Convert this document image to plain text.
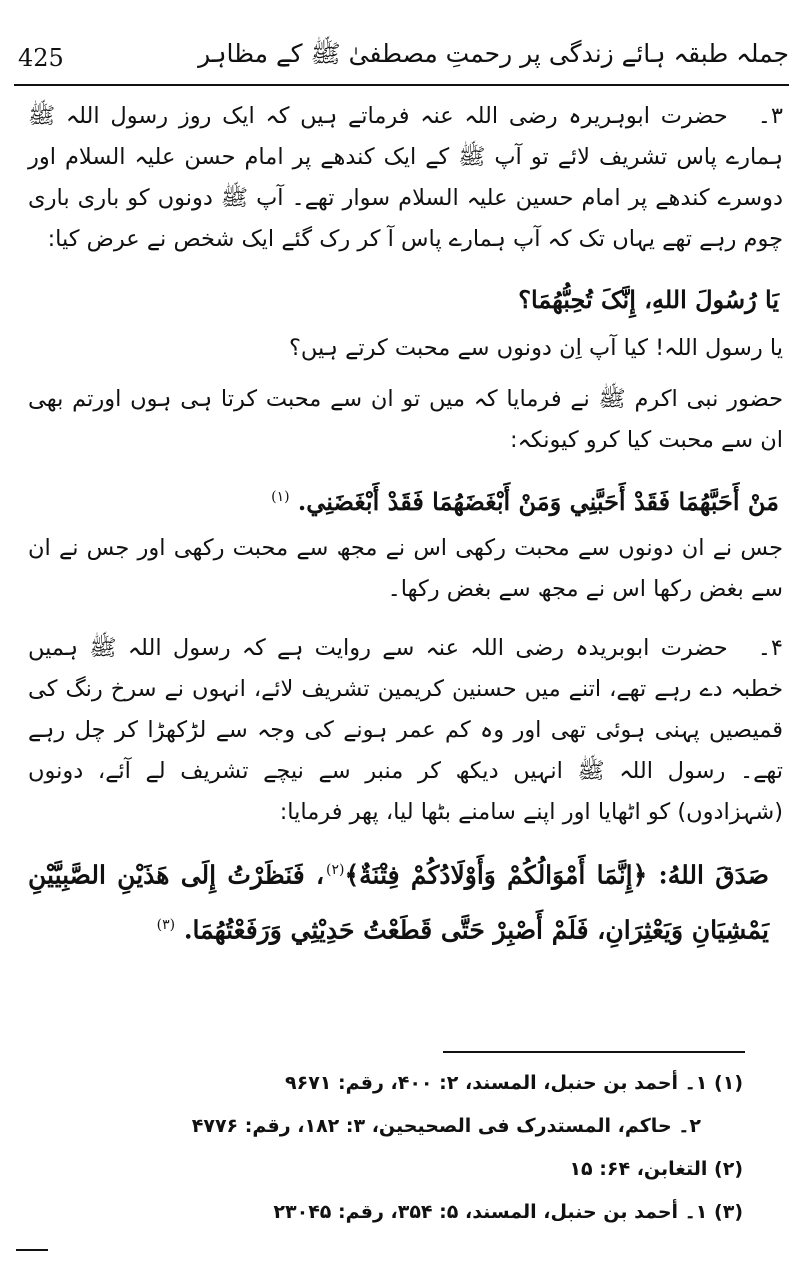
425	جملہ طبقہ ہائے زندگی پر رحمتِ مصطفیٰ ﷺ کے مظاہر

۳۔حضرت ابوہریرہ رضی اللہ عنہ فرماتے ہیں کہ ایک روز رسول اللہ ﷺ ہمارے پاس تشریف لائے تو آپ ﷺ کے ایک کندھے پر امام حسن علیہ السلام اور دوسرے کندھے پر امام حسین علیہ السلام سوار تھے۔ آپ ﷺ دونوں کو باری باری چوم رہے تھے یہاں تک کہ آپ ہمارے پاس آ کر رک گئے ایک شخص نے عرض کیا:

يَا رُسُولَ اللهِ، إِنَّکَ تُحِبُّهُمَا؟

یا رسول اللہ! کیا آپ اِن دونوں سے محبت کرتے ہیں؟

حضور نبی اکرم ﷺ نے فرمایا کہ میں تو ان سے محبت کرتا ہی ہوں اورتم بھی ان سے محبت کیا کرو کیونکہ:

مَنْ أَحَبَّهُمَا فَقَدْ أَحَبَّنِي وَمَنْ أَبْغَضَهُمَا فَقَدْ أَبْغَضَنِي. $^{(۱)}$

جس نے ان دونوں سے محبت رکھی اس نے مجھ سے محبت رکھی اور جس نے ان سے بغض رکھا اس نے مجھ سے بغض رکھا۔

۴۔حضرت ابوبریدہ رضی اللہ عنہ سے روایت ہے کہ رسول اللہ ﷺ ہمیں خطبہ دے رہے تھے، اتنے میں حسنین کریمین تشریف لائے، انہوں نے سرخ رنگ کی قمیصیں پہنی ہوئی تھی اور وہ کم عمر ہونے کی وجہ سے لڑکھڑا کر چل رہے تھے۔ رسول اللہ ﷺ انہیں دیکھ کر منبر سے نیچے تشریف لے آئے، دونوں (شہزادوں) کو اٹھایا اور اپنے سامنے بٹھا لیا، پھر فرمایا:

صَدَقَ اللهُ: ﴿إِنَّمَا أَمْوَالُكُمْ وَأَوْلَادُكُمْ فِتْنَةٌ﴾$^{(۲)}$، فَنَظَرْتُ إِلَى هَذَيْنِ الصَّبِيَّيْنِ يَمْشِيَانِ وَيَعْثِرَانِ، فَلَمْ أَصْبِرْ حَتَّى قَطَعْتُ حَدِيْثِي وَرَفَعْتُهُمَا. $^{(۳)}$

(۱) ۱۔ أحمد بن حنبل، المسند، ۲: ۴۰۰، رقم: ۹۶۷۱
۲۔ حاکم، المستدرک فی الصحیحین، ۳: ۱۸۲، رقم: ۴۷۷۶
(۲) التغابن، ۶۴: ۱۵
(۳) ۱۔ أحمد بن حنبل، المسند، ۵: ۳۵۴، رقم: ۲۳۰۴۵
